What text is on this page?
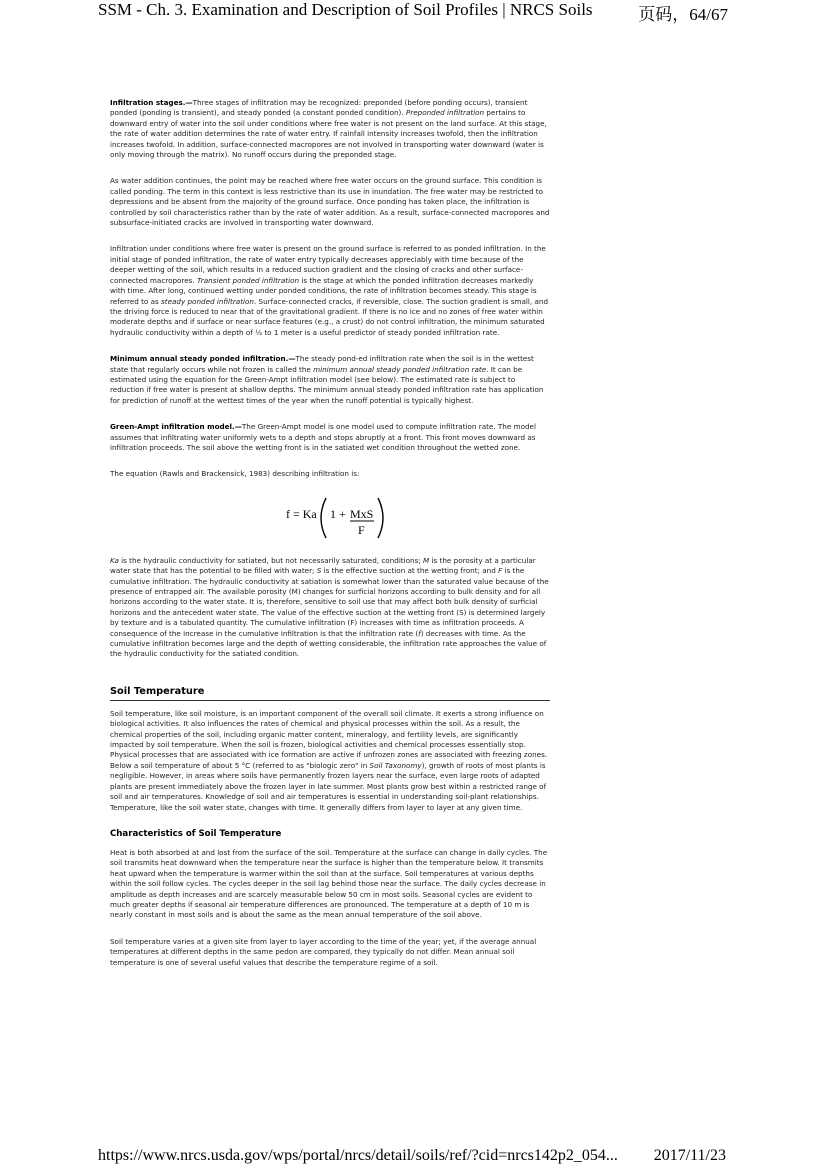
SSM - Ch. 3. Examination and Description of Soil Profiles | NRCS Soils	页码，64/67

Infiltration stages.—Three stages of infiltration may be recognized: preponded (before ponding occurs), transient ponded (ponding is transient), and steady ponded (a constant ponded condition). Preponded infiltration pertains to downward entry of water into the soil under conditions where free water is not present on the land surface. At this stage, the rate of water addition determines the rate of water entry. If rainfall intensity increases twofold, then the infiltration increases twofold. In addition, surface-connected macropores are not involved in transporting water downward (water is only moving through the matrix). No runoff occurs during the preponded stage.

As water addition continues, the point may be reached where free water occurs on the ground surface. This condition is called ponding. The term in this context is less restrictive than its use in inundation. The free water may be restricted to depressions and be absent from the majority of the ground surface. Once ponding has taken place, the infiltration is controlled by soil characteristics rather than by the rate of water addition. As a result, surface-connected macropores and subsurface-initiated cracks are involved in transporting water downward.

Infiltration under conditions where free water is present on the ground surface is referred to as ponded infiltration. In the initial stage of ponded infiltration, the rate of water entry typically decreases appreciably with time because of the deeper wetting of the soil, which results in a reduced suction gradient and the closing of cracks and other surface-connected macropores. Transient ponded infiltration is the stage at which the ponded infiltration decreases markedly with time. After long, continued wetting under ponded conditions, the rate of infiltration becomes steady. This stage is referred to as steady ponded infiltration. Surface-connected cracks, if reversible, close. The suction gradient is small, and the driving force is reduced to near that of the gravitational gradient. If there is no ice and no zones of free water within moderate depths and if surface or near surface features (e.g., a crust) do not control infiltration, the minimum saturated hydraulic conductivity within a depth of ½ to 1 meter is a useful predictor of steady ponded infiltration rate.

Minimum annual steady ponded infiltration.—The steady pond-ed infiltration rate when the soil is in the wettest state that regularly occurs while not frozen is called the minimum annual steady ponded infiltration rate. It can be estimated using the equation for the Green-Ampt infiltration model (see below). The estimated rate is subject to reduction if free water is present at shallow depths. The minimum annual steady ponded infiltration rate has application for prediction of runoff at the wettest times of the year when the runoff potential is typically highest.

Green-Ampt infiltration model.—The Green-Ampt model is one model used to compute infiltration rate. The model assumes that infiltrating water uniformly wets to a depth and stops abruptly at a front. This front moves downward as infiltration proceeds. The soil above the wetting front is in the satiated wet condition throughout the wetted zone.

The equation (Rawls and Brackensick, 1983) describing infiltration is:

f = Ka 1 + MxS
F

Ka is the hydraulic conductivity for satiated, but not necessarily saturated, conditions; M is the porosity at a particular water state that has the potential to be filled with water; S is the effective suction at the wetting front; and F is the cumulative infiltration. The hydraulic conductivity at satiation is somewhat lower than the saturated value because of the presence of entrapped air. The available porosity (M) changes for surficial horizons according to bulk density and for all horizons according to the water state. It is, therefore, sensitive to soil use that may affect both bulk density of surficial horizons and the antecedent water state. The value of the effective suction at the wetting front (S) is determined largely by texture and is a tabulated quantity. The cumulative infiltration (F) increases with time as infiltration proceeds. A consequence of the increase in the cumulative infiltration is that the infiltration rate (f) decreases with time. As the cumulative infiltration becomes large and the depth of wetting considerable, the infiltration rate approaches the value of the hydraulic conductivity for the satiated condition.

Soil Temperature

Soil temperature, like soil moisture, is an important component of the overall soil climate. It exerts a strong influence on biological activities. It also influences the rates of chemical and physical processes within the soil. As a result, the chemical properties of the soil, including organic matter content, mineralogy, and fertility levels, are significantly impacted by soil temperature. When the soil is frozen, biological activities and chemical processes essentially stop. Physical processes that are associated with ice formation are active if unfrozen zones are associated with freezing zones. Below a soil temperature of about 5 °C (referred to as "biologic zero" in Soil Taxonomy), growth of roots of most plants is negligible. However, in areas where soils have permanently frozen layers near the surface, even large roots of adapted plants are present immediately above the frozen layer in late summer. Most plants grow best within a restricted range of soil and air temperatures. Knowledge of soil and air temperatures is essential in understanding soil-plant relationships. Temperature, like the soil water state, changes with time. It generally differs from layer to layer at any given time.

Characteristics of Soil Temperature

Heat is both absorbed at and lost from the surface of the soil. Temperature at the surface can change in daily cycles. The soil transmits heat downward when the temperature near the surface is higher than the temperature below. It transmits heat upward when the temperature is warmer within the soil than at the surface. Soil temperatures at various depths within the soil follow cycles. The cycles deeper in the soil lag behind those near the surface. The daily cycles decrease in amplitude as depth increases and are scarcely measurable below 50 cm in most soils. Seasonal cycles are evident to much greater depths if seasonal air temperature differences are pronounced. The temperature at a depth of 10 m is nearly constant in most soils and is about the same as the mean annual temperature of the soil above.

Soil temperature varies at a given site from layer to layer according to the time of the year; yet, if the average annual temperatures at different depths in the same pedon are compared, they typically do not differ. Mean annual soil temperature is one of several useful values that describe the temperature regime of a soil.

https://www.nrcs.usda.gov/wps/portal/nrcs/detail/soils/ref/?cid=nrcs142p2_054... 2017/11/23
